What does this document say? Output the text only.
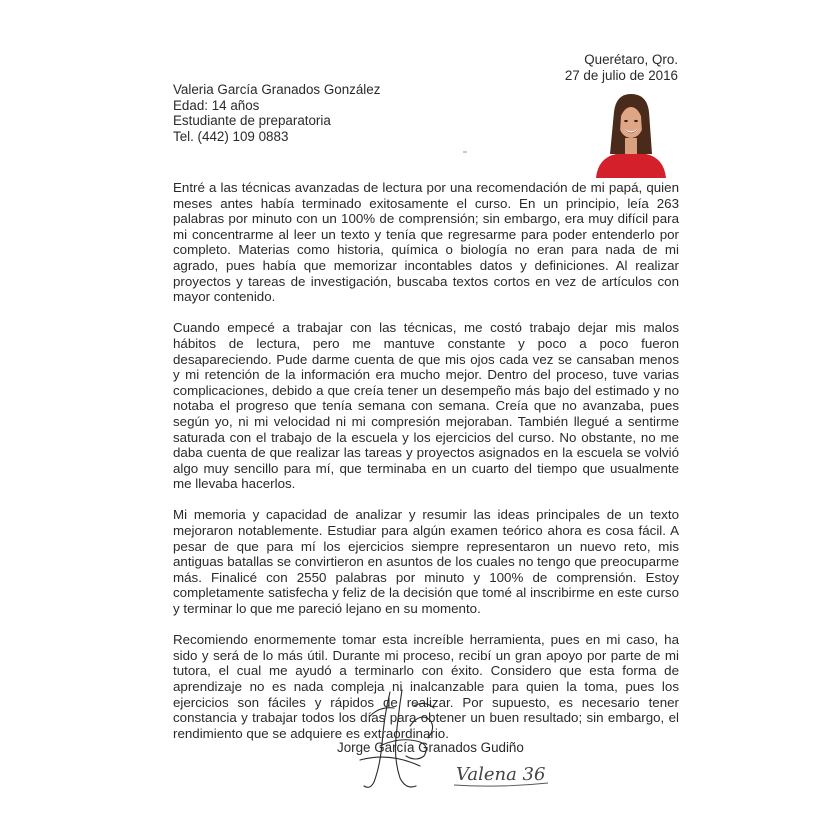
Querétaro, Qro.
27 de julio de 2016
Valeria García Granados González
Edad: 14 años
Estudiante de preparatoria
Tel. (442) 109 0883

Entré a las técnicas avanzadas de lectura por una recomendación de mi papá, quien meses antes había terminado exitosamente el curso. En un principio, leía 263 palabras por minuto con un 100% de comprensión; sin embargo, era muy difícil para mi concentrarme al leer un texto y tenía que regresarme para poder entenderlo por completo. Materias como historia, química o biología no eran para nada de mi agrado, pues había que memorizar incontables datos y definiciones. Al realizar proyectos y tareas de investigación, buscaba textos cortos en vez de artículos con mayor contenido.

Cuando empecé a trabajar con las técnicas, me costó trabajo dejar mis malos hábitos de lectura, pero me mantuve constante y poco a poco fueron desapareciendo. Pude darme cuenta de que mis ojos cada vez se cansaban menos y mi retención de la información era mucho mejor. Dentro del proceso, tuve varias complicaciones, debido a que creía tener un desempeño más bajo del estimado y no notaba el progreso que tenía semana con semana. Creía que no avanzaba, pues según yo, ni mi velocidad ni mi compresión mejoraban. También llegué a sentirme saturada con el trabajo de la escuela y los ejercicios del curso. No obstante, no me daba cuenta de que realizar las tareas y proyectos asignados en la escuela se volvió algo muy sencillo para mí, que terminaba en un cuarto del tiempo que usualmente me llevaba hacerlos.

Mi memoria y capacidad de analizar y resumir las ideas principales de un texto mejoraron notablemente. Estudiar para algún examen teórico ahora es cosa fácil. A pesar de que para mí los ejercicios siempre representaron un nuevo reto, mis antiguas batallas se convirtieron en asuntos de los cuales no tengo que preocuparme más. Finalicé con 2550 palabras por minuto y 100% de comprensión. Estoy completamente satisfecha y feliz de la decisión que tomé al inscribirme en este curso y terminar lo que me pareció lejano en su momento.

Recomiendo enormemente tomar esta increíble herramienta, pues en mi caso, ha sido y será de lo más útil. Durante mi proceso, recibí un gran apoyo por parte de mi tutora, el cual me ayudó a terminarlo con éxito. Considero que esta forma de aprendizaje no es nada compleja ni inalcanzable para quien la toma, pues los ejercicios son fáciles y rápidos de realizar. Por supuesto, es necesario tener constancia y trabajar todos los días para obtener un buen resultado; sin embargo, el rendimiento que se adquiere es extraordinario.

Jorge García Granados Gudiño
Valena 36
